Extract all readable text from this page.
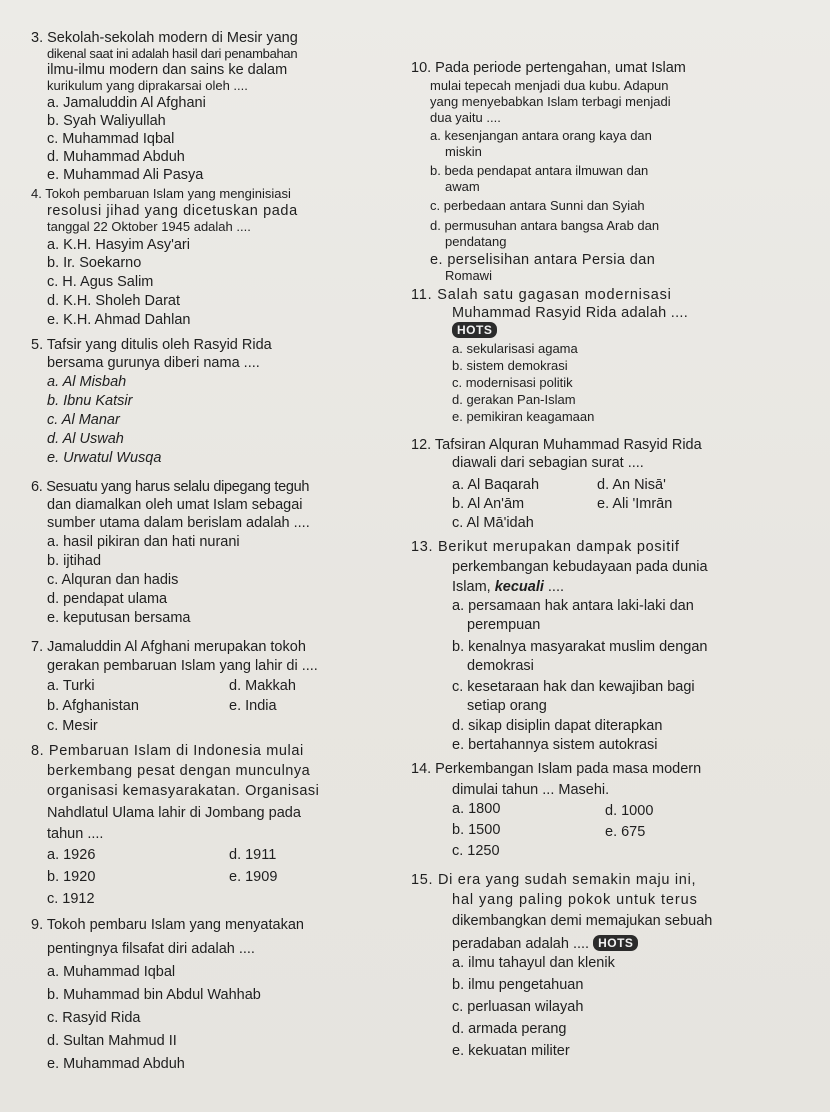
3. Sekolah-sekolah modern di Mesir yang
dikenal saat ini adalah hasil dari penambahan
ilmu-ilmu modern dan sains ke dalam
kurikulum yang diprakarsai oleh ....
a. Jamaluddin Al Afghani
b. Syah Waliyullah
c. Muhammad Iqbal
d. Muhammad Abduh
e. Muhammad Ali Pasya
4. Tokoh pembaruan Islam yang menginisiasi
resolusi jihad yang dicetuskan pada
tanggal 22 Oktober 1945 adalah ....
a. K.H. Hasyim Asy'ari
b. Ir. Soekarno
c. H. Agus Salim
d. K.H. Sholeh Darat
e. K.H. Ahmad Dahlan
5. Tafsir yang ditulis oleh Rasyid Rida
bersama gurunya diberi nama ....
a. Al Misbah
b. Ibnu Katsir
c. Al Manar
d. Al Uswah
e. Urwatul Wusqa
6. Sesuatu yang harus selalu dipegang teguh
dan diamalkan oleh umat Islam sebagai
sumber utama dalam berislam adalah ....
a. hasil pikiran dan hati nurani
b. ijtihad
c. Alquran dan hadis
d. pendapat ulama
e. keputusan bersama
7. Jamaluddin Al Afghani merupakan tokoh
gerakan pembaruan Islam yang lahir di ....
a. Turki	d. Makkah
b. Afghanistan	e. India
c. Mesir
8. Pembaruan Islam di Indonesia mulai
berkembang pesat dengan munculnya
organisasi kemasyarakatan. Organisasi
Nahdlatul Ulama lahir di Jombang pada
tahun ....
a. 1926	d. 1911
b. 1920	e. 1909
c. 1912
9. Tokoh pembaru Islam yang menyatakan
pentingnya filsafat diri adalah ....
a. Muhammad Iqbal
b. Muhammad bin Abdul Wahhab
c. Rasyid Rida
d. Sultan Mahmud II
e. Muhammad Abduh
10. Pada periode pertengahan, umat Islam
mulai tepecah menjadi dua kubu. Adapun
yang menyebabkan Islam terbagi menjadi
dua yaitu ....
a. kesenjangan antara orang kaya dan
miskin
b. beda pendapat antara ilmuwan dan
awam
c. perbedaan antara Sunni dan Syiah
d. permusuhan antara bangsa Arab dan
pendatang
e. perselisihan antara Persia dan
Romawi
11. Salah satu gagasan modernisasi
Muhammad Rasyid Rida adalah ....
HOTS
a. sekularisasi agama
b. sistem demokrasi
c. modernisasi politik
d. gerakan Pan-Islam
e. pemikiran keagamaan
12. Tafsiran Alquran Muhammad Rasyid Rida
diawali dari sebagian surat ....
a. Al Baqarah	d. An Nisā'
b. Al An'ām	e. Ali 'Imrān
c. Al Mā'idah
13. Berikut merupakan dampak positif
perkembangan kebudayaan pada dunia
Islam, kecuali ....
a. persamaan hak antara laki-laki dan
perempuan
b. kenalnya masyarakat muslim dengan
demokrasi
c. kesetaraan hak dan kewajiban bagi
setiap orang
d. sikap disiplin dapat diterapkan
e. bertahannya sistem autokrasi
14. Perkembangan Islam pada masa modern
dimulai tahun ... Masehi.
a. 1800	d. 1000
b. 1500	e. 675
c. 1250
15. Di era yang sudah semakin maju ini,
hal yang paling pokok untuk terus
dikembangkan demi memajukan sebuah
peradaban adalah .... HOTS
a. ilmu tahayul dan klenik
b. ilmu pengetahuan
c. perluasan wilayah
d. armada perang
e. kekuatan militer
